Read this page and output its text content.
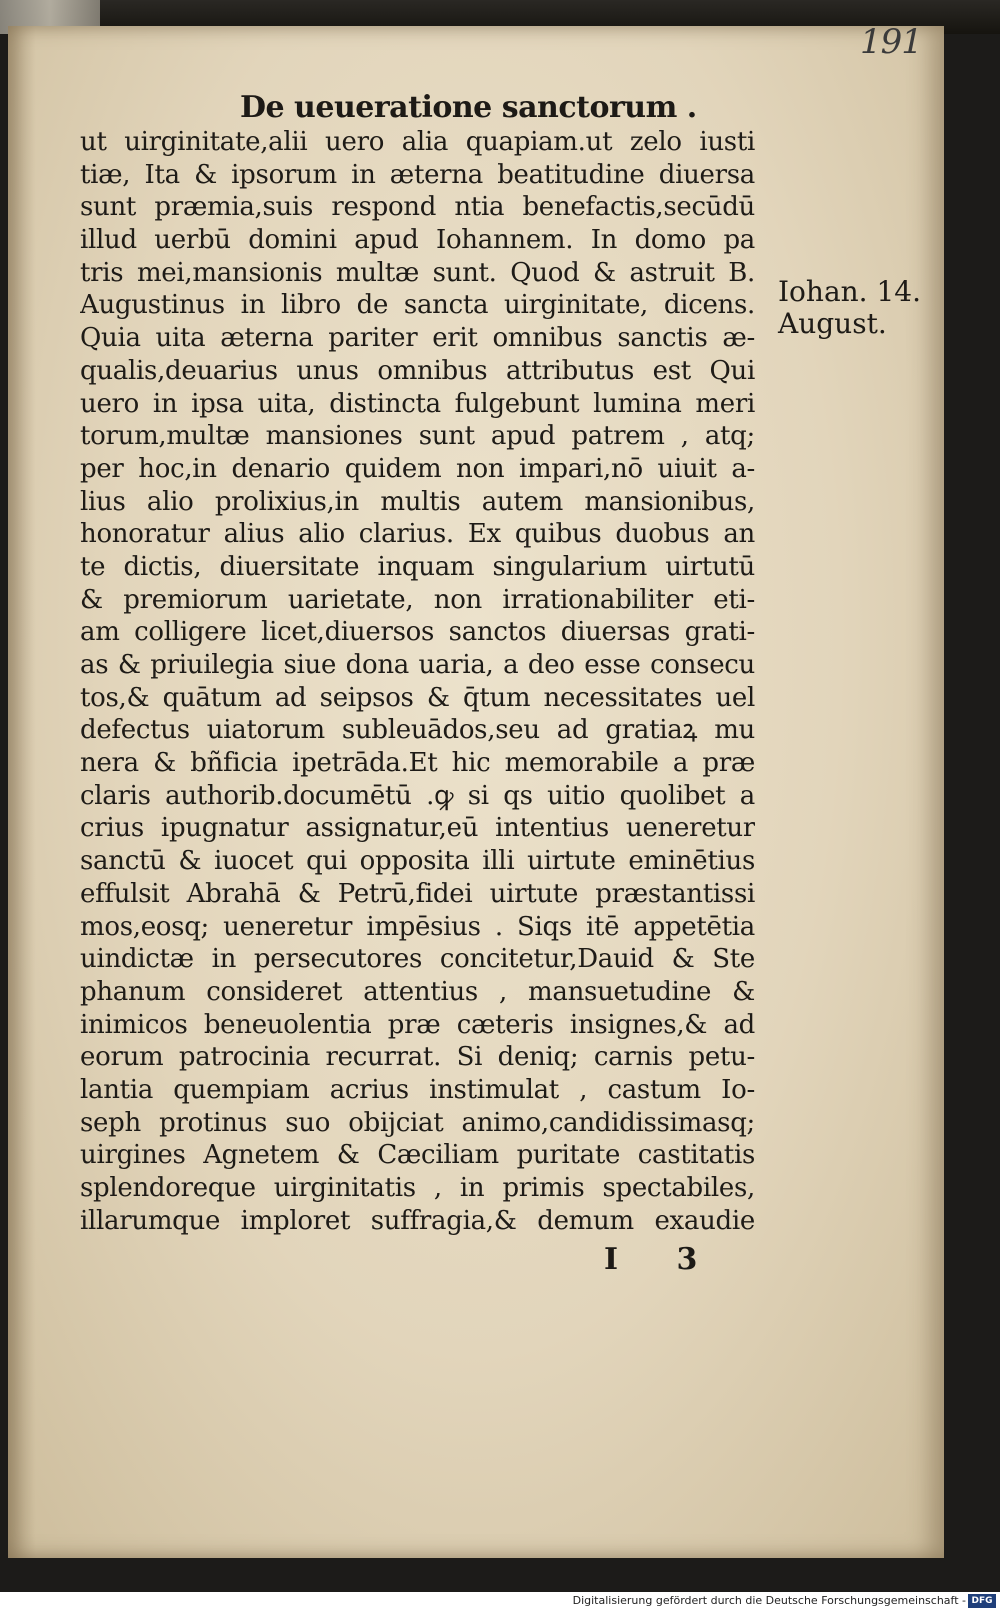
191
De ueueratione sanctorum .
ut uirginitate,alii uero alia quapiam.ut zelo iusti
tiæ, Ita & ipsorum in æterna beatitudine diuersa
sunt præmia,suis respond ntia benefactis,secūdū
illud uerbū domini apud Iohannem. In domo pa
tris mei,mansionis multæ sunt. Quod & astruit B.
Augustinus in libro de sancta uirginitate, dicens.
Quia uita æterna pariter erit omnibus sanctis æ-
qualis,deuarius unus omnibus attributus est Qui
uero in ipsa uita, distincta fulgebunt lumina meri
torum,multæ mansiones sunt apud patrem , atq;
per hoc,in denario quidem non impari,nō uiuit a-
lius alio prolixius,in multis autem mansionibus,
honoratur alius alio clarius. Ex quibus duobus an
te dictis, diuersitate inquam singularium uirtutū
& premiorum uarietate, non irrationabiliter eti-
am colligere licet,diuersos sanctos diuersas grati-
as & priuilegia siue dona uaria, a deo esse consecu
tos,& quātum ad seipsos & q̄tum necessitates uel
defectus uiatorum subleuādos,seu ad gratiaꝝ mu
nera & bñficia ipetrāda.Et hic memorabile a præ
claris authorib.documētū .ꝙ si qs uitio quolibet a
crius ipugnatur assignatur,eū intentius ueneretur
sanctū & iuocet qui opposita illi uirtute eminētius
effulsit Abrahā & Petrū,fidei uirtute præstantissi
mos,eosq; ueneretur impēsius . Siqs itē appetētia
uindictæ in persecutores concitetur,Dauid & Ste
phanum consideret attentius , mansuetudine &
inimicos beneuolentia præ cæteris insignes,& ad
eorum patrocinia recurrat. Si deniq; carnis petu-
lantia quempiam acrius instimulat , castum Io-
seph protinus suo obijciat animo,candidissimasq;
uirgines Agnetem & Cæciliam puritate castitatis
splendoreque uirginitatis , in primis spectabiles,
illarumque imploret suffragia,& demum exaudie
Iohan. 14.
August.
I 3
Digitalisierung gefördert durch die Deutsche Forschungsgemeinschaft - DFG
